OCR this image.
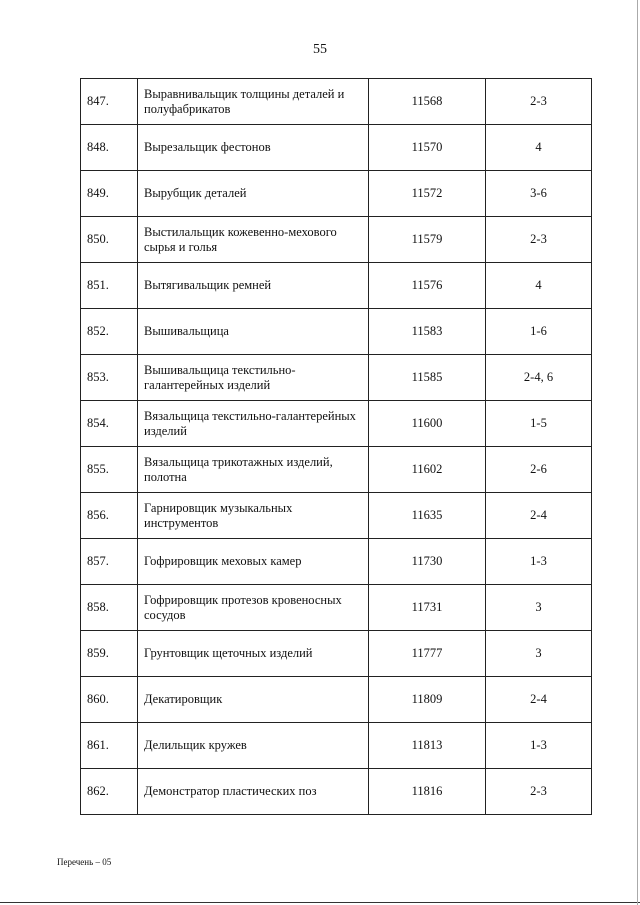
55
847.	Выравнивальщик толщины деталей и полуфабрикатов	11568	2-3
848.	Вырезальщик фестонов	11570	4
849.	Вырубщик деталей	11572	3-6
850.	Выстилальщик кожевенно-мехового сырья и голья	11579	2-3
851.	Вытягивальщик ремней	11576	4
852.	Вышивальщица	11583	1-6
853.	Вышивальщица текстильно-галантерейных изделий	11585	2-4, 6
854.	Вязальщица текстильно-галантерейных изделий	11600	1-5
855.	Вязальщица трикотажных изделий, полотна	11602	2-6
856.	Гарнировщик музыкальных инструментов	11635	2-4
857.	Гофрировщик меховых камер	11730	1-3
858.	Гофрировщик протезов кровеносных сосудов	11731	3
859.	Грунтовщик щеточных изделий	11777	3
860.	Декатировщик	11809	2-4
861.	Делильщик кружев	11813	1-3
862.	Демонстратор пластических поз	11816	2-3
Перечень – 05
